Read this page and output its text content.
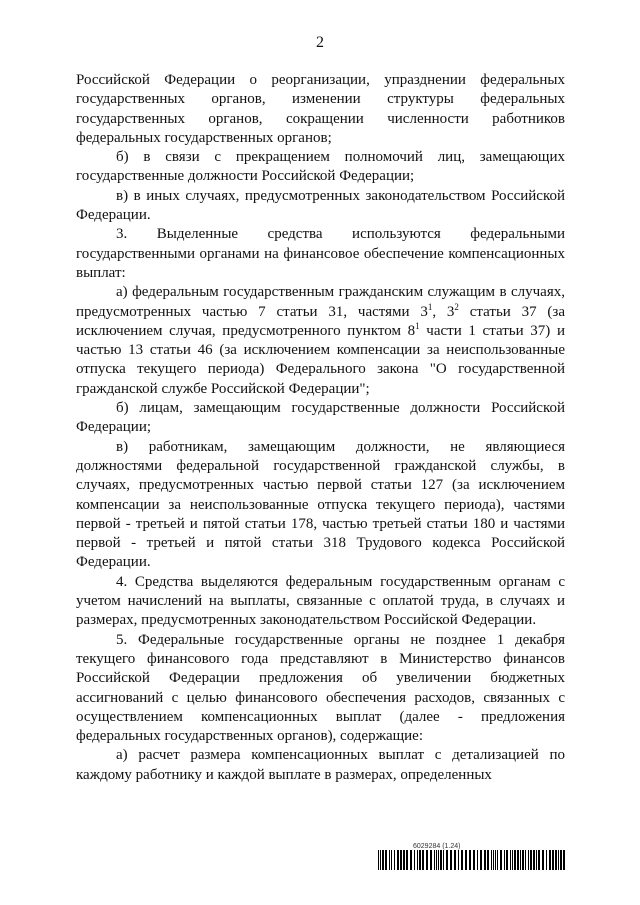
2

Российской Федерации о реорганизации, упразднении федеральных государственных органов, изменении структуры федеральных государственных органов, сокращении численности работников федеральных государственных органов;

б) в связи с прекращением полномочий лиц, замещающих государственные должности Российской Федерации;

в) в иных случаях, предусмотренных законодательством Российской Федерации.

3. Выделенные средства используются федеральными государственными органами на финансовое обеспечение компенсационных выплат:

а) федеральным государственным гражданским служащим в случаях, предусмотренных частью 7 статьи 31, частями $3^1$, $3^2$ статьи 37 (за исключением случая, предусмотренного пунктом $8^1$ части 1 статьи 37) и частью 13 статьи 46 (за исключением компенсации за неиспользованные отпуска текущего периода) Федерального закона "О государственной гражданской службе Российской Федерации";

б) лицам, замещающим государственные должности Российской Федерации;

в) работникам, замещающим должности, не являющиеся должностями федеральной государственной гражданской службы, в случаях, предусмотренных частью первой статьи 127 (за исключением компенсации за неиспользованные отпуска текущего периода), частями первой - третьей и пятой статьи 178, частью третьей статьи 180 и частями первой - третьей и пятой статьи 318 Трудового кодекса Российской Федерации.

4. Средства выделяются федеральным государственным органам с учетом начислений на выплаты, связанные с оплатой труда, в случаях и размерах, предусмотренных законодательством Российской Федерации.

5. Федеральные государственные органы не позднее 1 декабря текущего финансового года представляют в Министерство финансов Российской Федерации предложения об увеличении бюджетных ассигнований с целью финансового обеспечения расходов, связанных с осуществлением компенсационных выплат (далее - предложения федеральных государственных органов), содержащие:

а) расчет размера компенсационных выплат с детализацией по каждому работнику и каждой выплате в размерах, определенных

6029284 (1.24)
